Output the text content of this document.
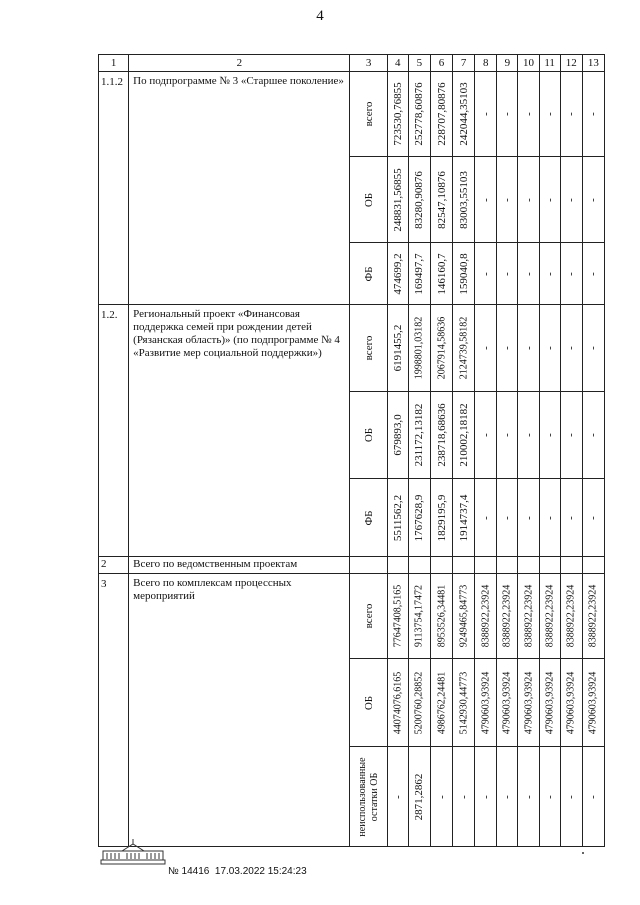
4
1	2	3	4	5	6	7	8	9	10	11	12	13
1.1.2	По подпрограмме № 3 «Старшее поколение»	всего	723530,76855	252778,60876	228707,80876	242044,35103	-	-	-	-	-	-

		ОБ	248831,56855	83280,90876	82547,10876	83003,55103	-	-	-	-	-	-

		ФБ	474699,2	169497,7	146160,7	159040,8	-	-	-	-	-	-

1.2.	Региональный проект «Финансовая поддержка семей при рождении детей (Рязанская область)» (по подпрограмме № 4 «Развитие мер социальной поддержки»)	всего	6191455,2	1998801,03182	2067914,58636	2124739,58182	-	-	-	-	-	-

		ОБ	679893,0	231172,13182	238718,68636	210002,18182	-	-	-	-	-	-

		ФБ	5511562,2	1767628,9	1829195,9	1914737,4	-	-	-	-	-	-

2	Всего по ведомственным проектам											
3	Всего по комплексам процессных мероприятий	всего	77647408,5165	9113754,17472	8953526,34481	9249465,84773	8388922,23924	8388922,23924	8388922,23924	8388922,23924	8388922,23924	8388922,23924

		ОБ	44074076,6165	5200760,28852	4986762,24481	5142930,44773	4790603,93924	4790603,93924	4790603,93924	4790603,93924	4790603,93924	4790603,93924

		неиспользованные остатки ОБ	-	2871,2862	-	-	-	-	-	-	-	-
№ 14416 17.03.2022 15:24:23
